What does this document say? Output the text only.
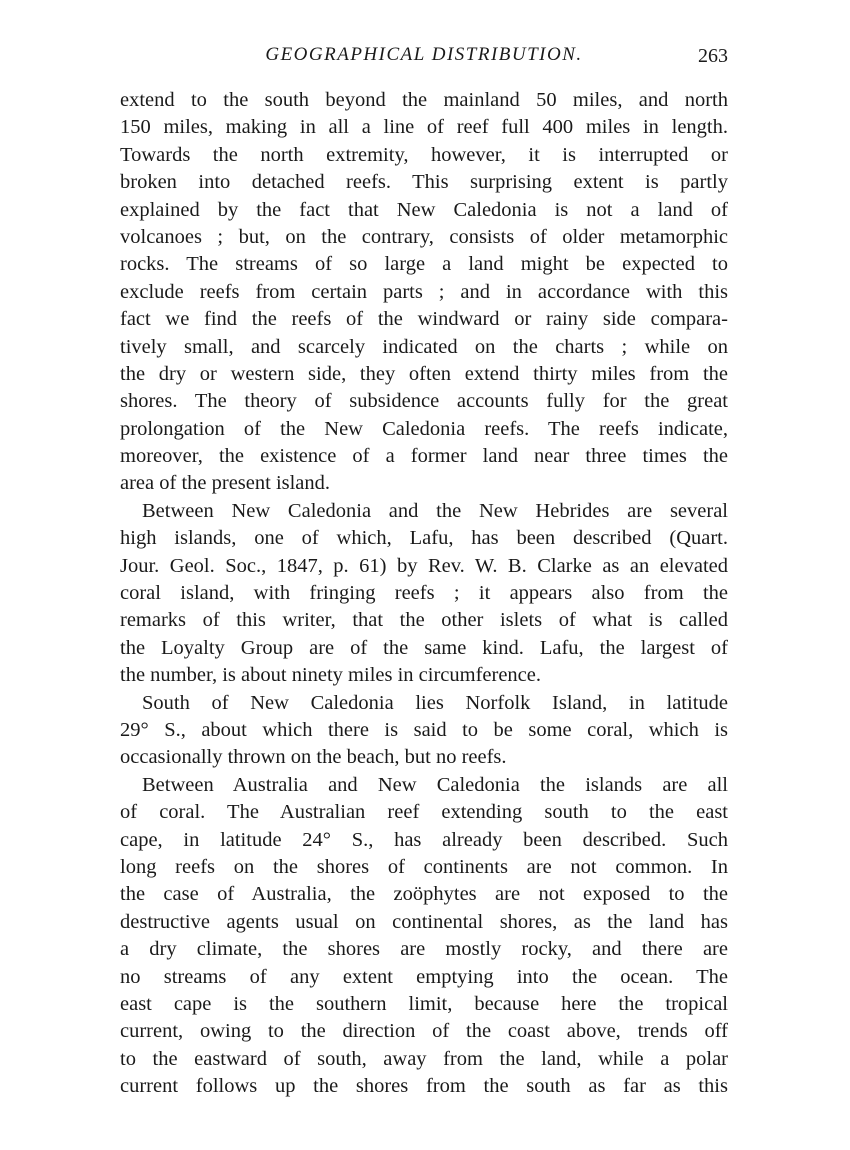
GEOGRAPHICAL DISTRIBUTION.	263
extend to the south beyond the mainland 50 miles, and north
150 miles, making in all a line of reef full 400 miles in length.
Towards the north extremity, however, it is interrupted or
broken into detached reefs. This surprising extent is partly
explained by the fact that New Caledonia is not a land of
volcanoes ; but, on the contrary, consists of older metamorphic
rocks. The streams of so large a land might be expected to
exclude reefs from certain parts ; and in accordance with this
fact we find the reefs of the windward or rainy side compara-
tively small, and scarcely indicated on the charts ; while on
the dry or western side, they often extend thirty miles from the
shores. The theory of subsidence accounts fully for the great
prolongation of the New Caledonia reefs. The reefs indicate,
moreover, the existence of a former land near three times the
area of the present island.
Between New Caledonia and the New Hebrides are several
high islands, one of which, Lafu, has been described (Quart.
Jour. Geol. Soc., 1847, p. 61) by Rev. W. B. Clarke as an elevated
coral island, with fringing reefs ; it appears also from the
remarks of this writer, that the other islets of what is called
the Loyalty Group are of the same kind. Lafu, the largest of
the number, is about ninety miles in circumference.
South of New Caledonia lies Norfolk Island, in latitude
29° S., about which there is said to be some coral, which is
occasionally thrown on the beach, but no reefs.
Between Australia and New Caledonia the islands are all
of coral. The Australian reef extending south to the east
cape, in latitude 24° S., has already been described. Such
long reefs on the shores of continents are not common. In
the case of Australia, the zoöphytes are not exposed to the
destructive agents usual on continental shores, as the land has
a dry climate, the shores are mostly rocky, and there are
no streams of any extent emptying into the ocean. The
east cape is the southern limit, because here the tropical
current, owing to the direction of the coast above, trends off
to the eastward of south, away from the land, while a polar
current follows up the shores from the south as far as this
